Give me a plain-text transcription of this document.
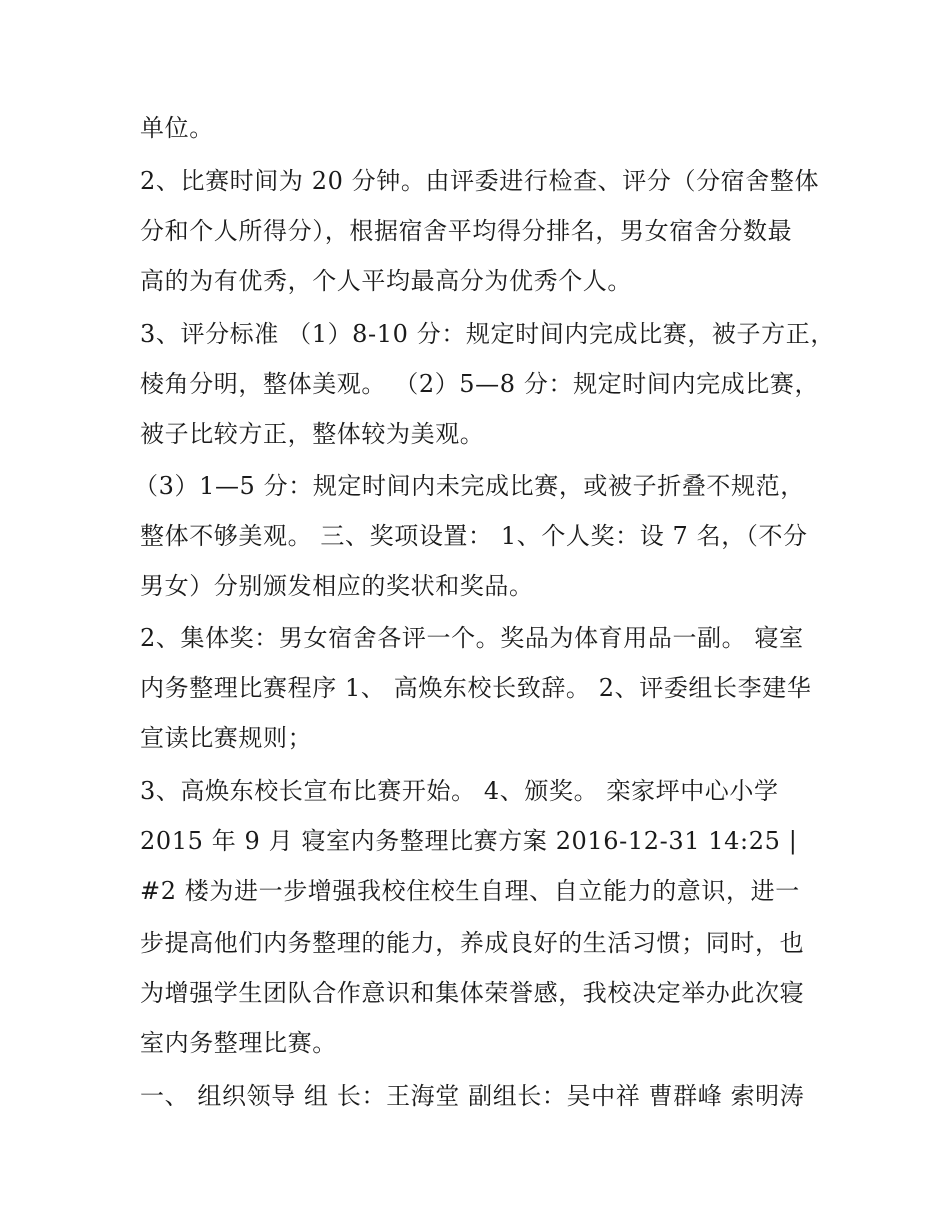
单位。
2、比赛时间为 20 分钟。由评委进行检查、评分（分宿舍整体
分和个人所得分），根据宿舍平均得分排名，男女宿舍分数最
高的为有优秀，个人平均最高分为优秀个人。
3、评分标准 （1）8-10 分：规定时间内完成比赛，被子方正，
棱角分明，整体美观。 （2）5—8 分：规定时间内完成比赛，
被子比较方正，整体较为美观。
（3）1—5 分：规定时间内未完成比赛，或被子折叠不规范，
整体不够美观。 三、奖项设置： 1、个人奖：设 7 名，（不分
男女）分别颁发相应的奖状和奖品。
2、集体奖：男女宿舍各评一个。奖品为体育用品一副。 寝室
内务整理比赛程序 1、 高焕东校长致辞。 2、评委组长李建华
宣读比赛规则；
3、高焕东校长宣布比赛开始。 4、颁奖。 栾家坪中心小学
2015 年 9 月 寝室内务整理比赛方案 2016-12-31 14:25 |
#2 楼为进一步增强我校住校生自理、自立能力的意识，进一
步提高他们内务整理的能力，养成良好的生活习惯；同时，也
为增强学生团队合作意识和集体荣誉感，我校决定举办此次寝
室内务整理比赛。
一、 组织领导 组 长：王海堂 副组长：吴中祥 曹群峰 索明涛
